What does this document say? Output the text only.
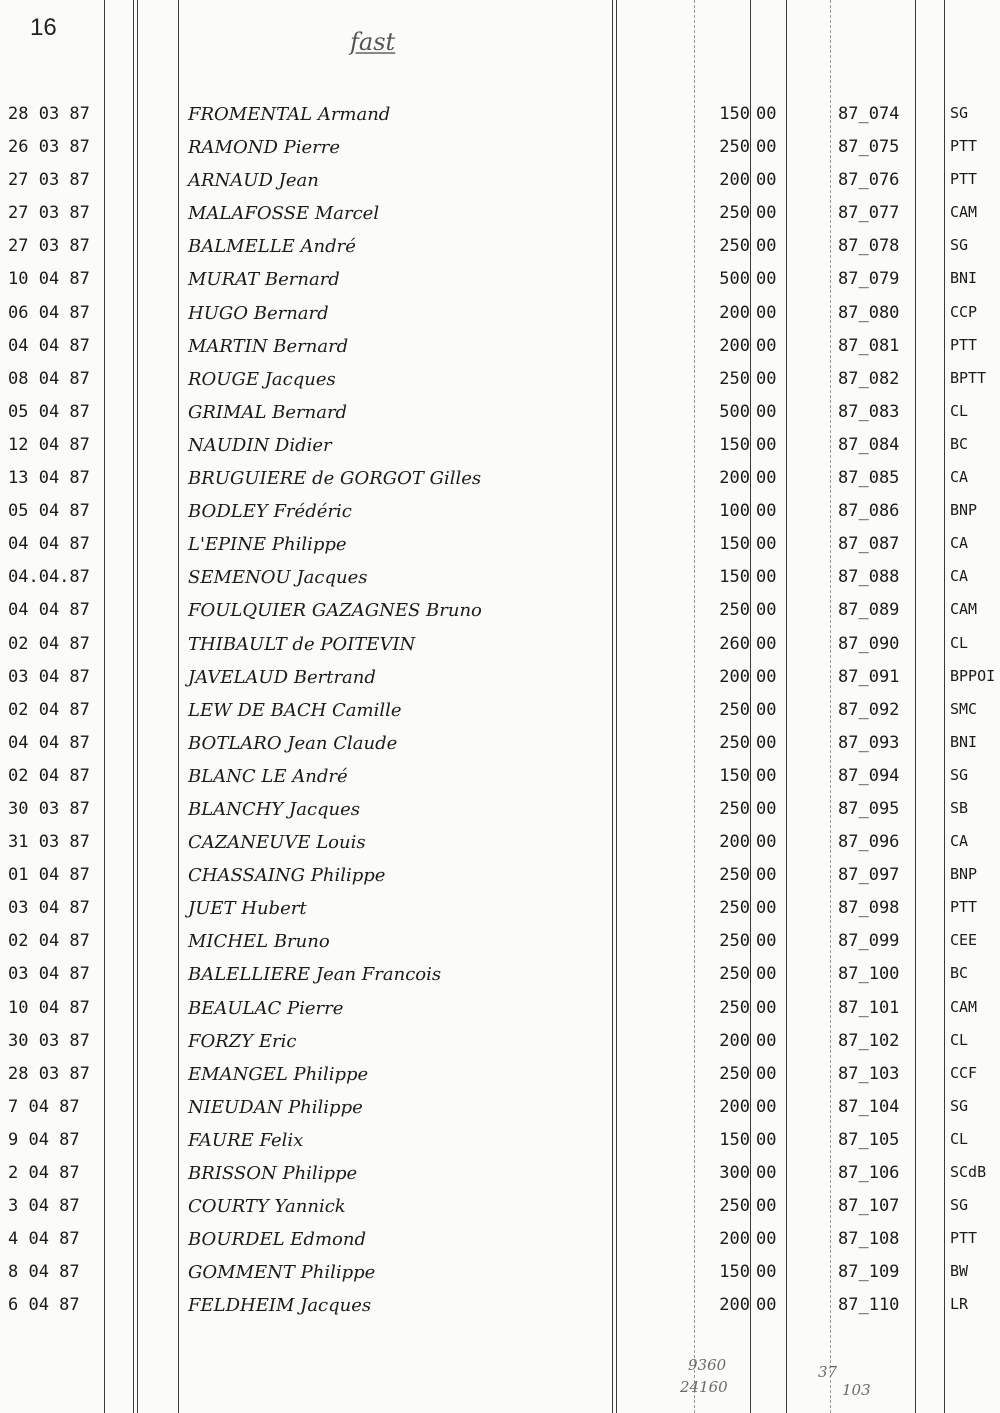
16
fast
28 03 87	FROMENTAL Armand	150 00	87_074	SG
26 03 87	RAMOND Pierre	250 00	87_075	PTT
27 03 87	ARNAUD Jean	200 00	87_076	PTT
27 03 87	MALAFOSSE Marcel	250 00	87_077	CAM
27 03 87	BALMELLE André	250 00	87_078	SG
10 04 87	MURAT Bernard	500 00	87_079	BNI
06 04 87	HUGO Bernard	200 00	87_080	CCP
04 04 87	MARTIN Bernard	200 00	87_081	PTT
08 04 87	ROUGE Jacques	250 00	87_082	BPTT
05 04 87	GRIMAL Bernard	500 00	87_083	CL
12 04 87	NAUDIN Didier	150 00	87_084	BC
13 04 87	BRUGUIERE de GORGOT Gilles	200 00	87_085	CA
05 04 87	BODLEY Frédéric	100 00	87_086	BNP
04 04 87	L'EPINE Philippe	150 00	87_087	CA
04.04.87	SEMENOU Jacques	150 00	87_088	CA
04 04 87	FOULQUIER GAZAGNES Bruno	250 00	87_089	CAM
02 04 87	THIBAULT de POITEVIN	260 00	87_090	CL
03 04 87	JAVELAUD Bertrand	200 00	87_091	BPPOI
02 04 87	LEW DE BACH Camille	250 00	87_092	SMC
04 04 87	BOTLARO Jean Claude	250 00	87_093	BNI
02 04 87	BLANC LE André	150 00	87_094	SG
30 03 87	BLANCHY Jacques	250 00	87_095	SB
31 03 87	CAZANEUVE Louis	200 00	87_096	CA
01 04 87	CHASSAING Philippe	250 00	87_097	BNP
03 04 87	JUET Hubert	250 00	87_098	PTT
02 04 87	MICHEL Bruno	250 00	87_099	CEE
03 04 87	BALELLIERE Jean Francois	250 00	87_100	BC
10 04 87	BEAULAC Pierre	250 00	87_101	CAM
30 03 87	FORZY Eric	200 00	87_102	CL
28 03 87	EMANGEL Philippe	250 00	87_103	CCF
7 04 87	NIEUDAN Philippe	200 00	87_104	SG
9 04 87	FAURE Felix	150 00	87_105	CL
2 04 87	BRISSON Philippe	300 00	87_106	SCdB
3 04 87	COURTY Yannick	250 00	87_107	SG
4 04 87	BOURDEL Edmond	200 00	87_108	PTT
8 04 87	GOMMENT Philippe	150 00	87_109	BW
6 04 87	FELDHEIM Jacques	200 00	87_110	LR
9360
24160
37
103
